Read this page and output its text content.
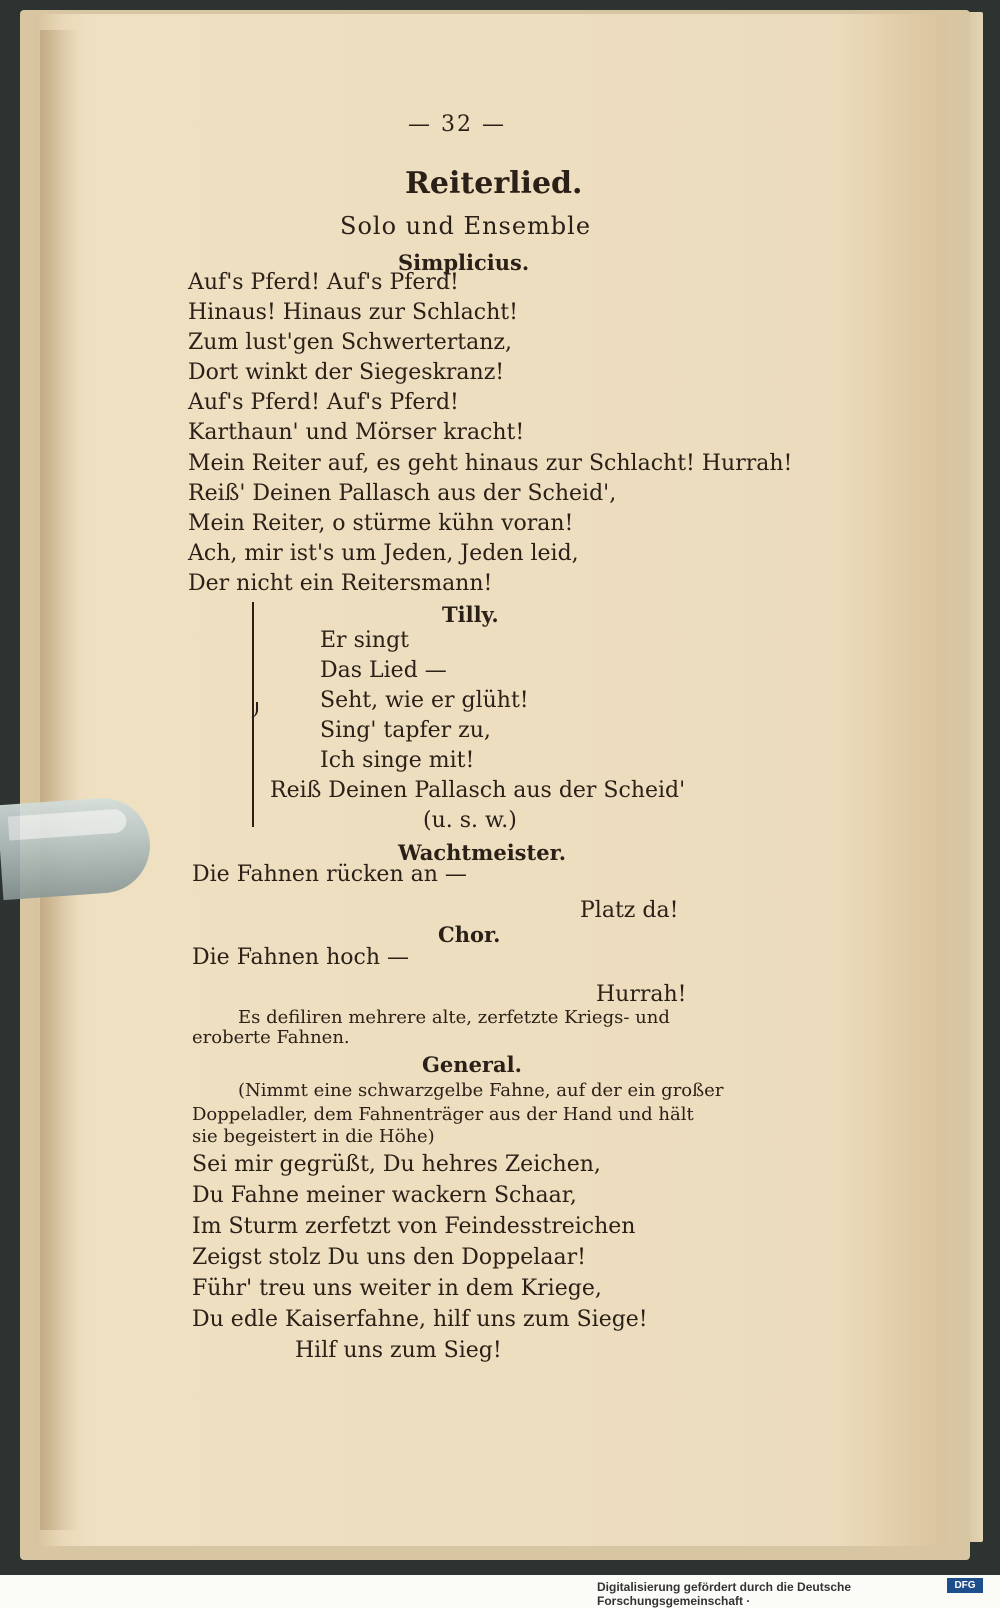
— 32 —
Reiterlied.
Solo und Ensemble
Simplicius.
Auf's Pferd! Auf's Pferd!
Hinaus! Hinaus zur Schlacht!
Zum lust'gen Schwertertanz,
Dort winkt der Siegeskranz!
Auf's Pferd! Auf's Pferd!
Karthaun' und Mörser kracht!
Mein Reiter auf, es geht hinaus zur Schlacht! Hurrah!
Reiß' Deinen Pallasch aus der Scheid',
Mein Reiter, o stürme kühn voran!
Ach, mir ist's um Jeden, Jeden leid,
Der nicht ein Reitersmann!
Tilly.
Er singt
Das Lied —
Seht, wie er glüht!
Sing' tapfer zu,
Ich singe mit!
Reiß Deinen Pallasch aus der Scheid'
(u. s. w.)
Wachtmeister.
Die Fahnen rücken an —
Platz da!
Chor.
Die Fahnen hoch —
Hurrah!
Es defiliren mehrere alte, zerfetzte Kriegs- und
eroberte Fahnen.
General.
(Nimmt eine schwarzgelbe Fahne, auf der ein großer
Doppeladler, dem Fahnenträger aus der Hand und hält
sie begeistert in die Höhe)
Sei mir gegrüßt, Du hehres Zeichen,
Du Fahne meiner wackern Schaar,
Im Sturm zerfetzt von Feindesstreichen
Zeigst stolz Du uns den Doppelaar!
Führ' treu uns weiter in dem Kriege,
Du edle Kaiserfahne, hilf uns zum Siege!
Hilf uns zum Sieg!
Digitalisierung gefördert durch die Deutsche Forschungsgemeinschaft ·
DFG
